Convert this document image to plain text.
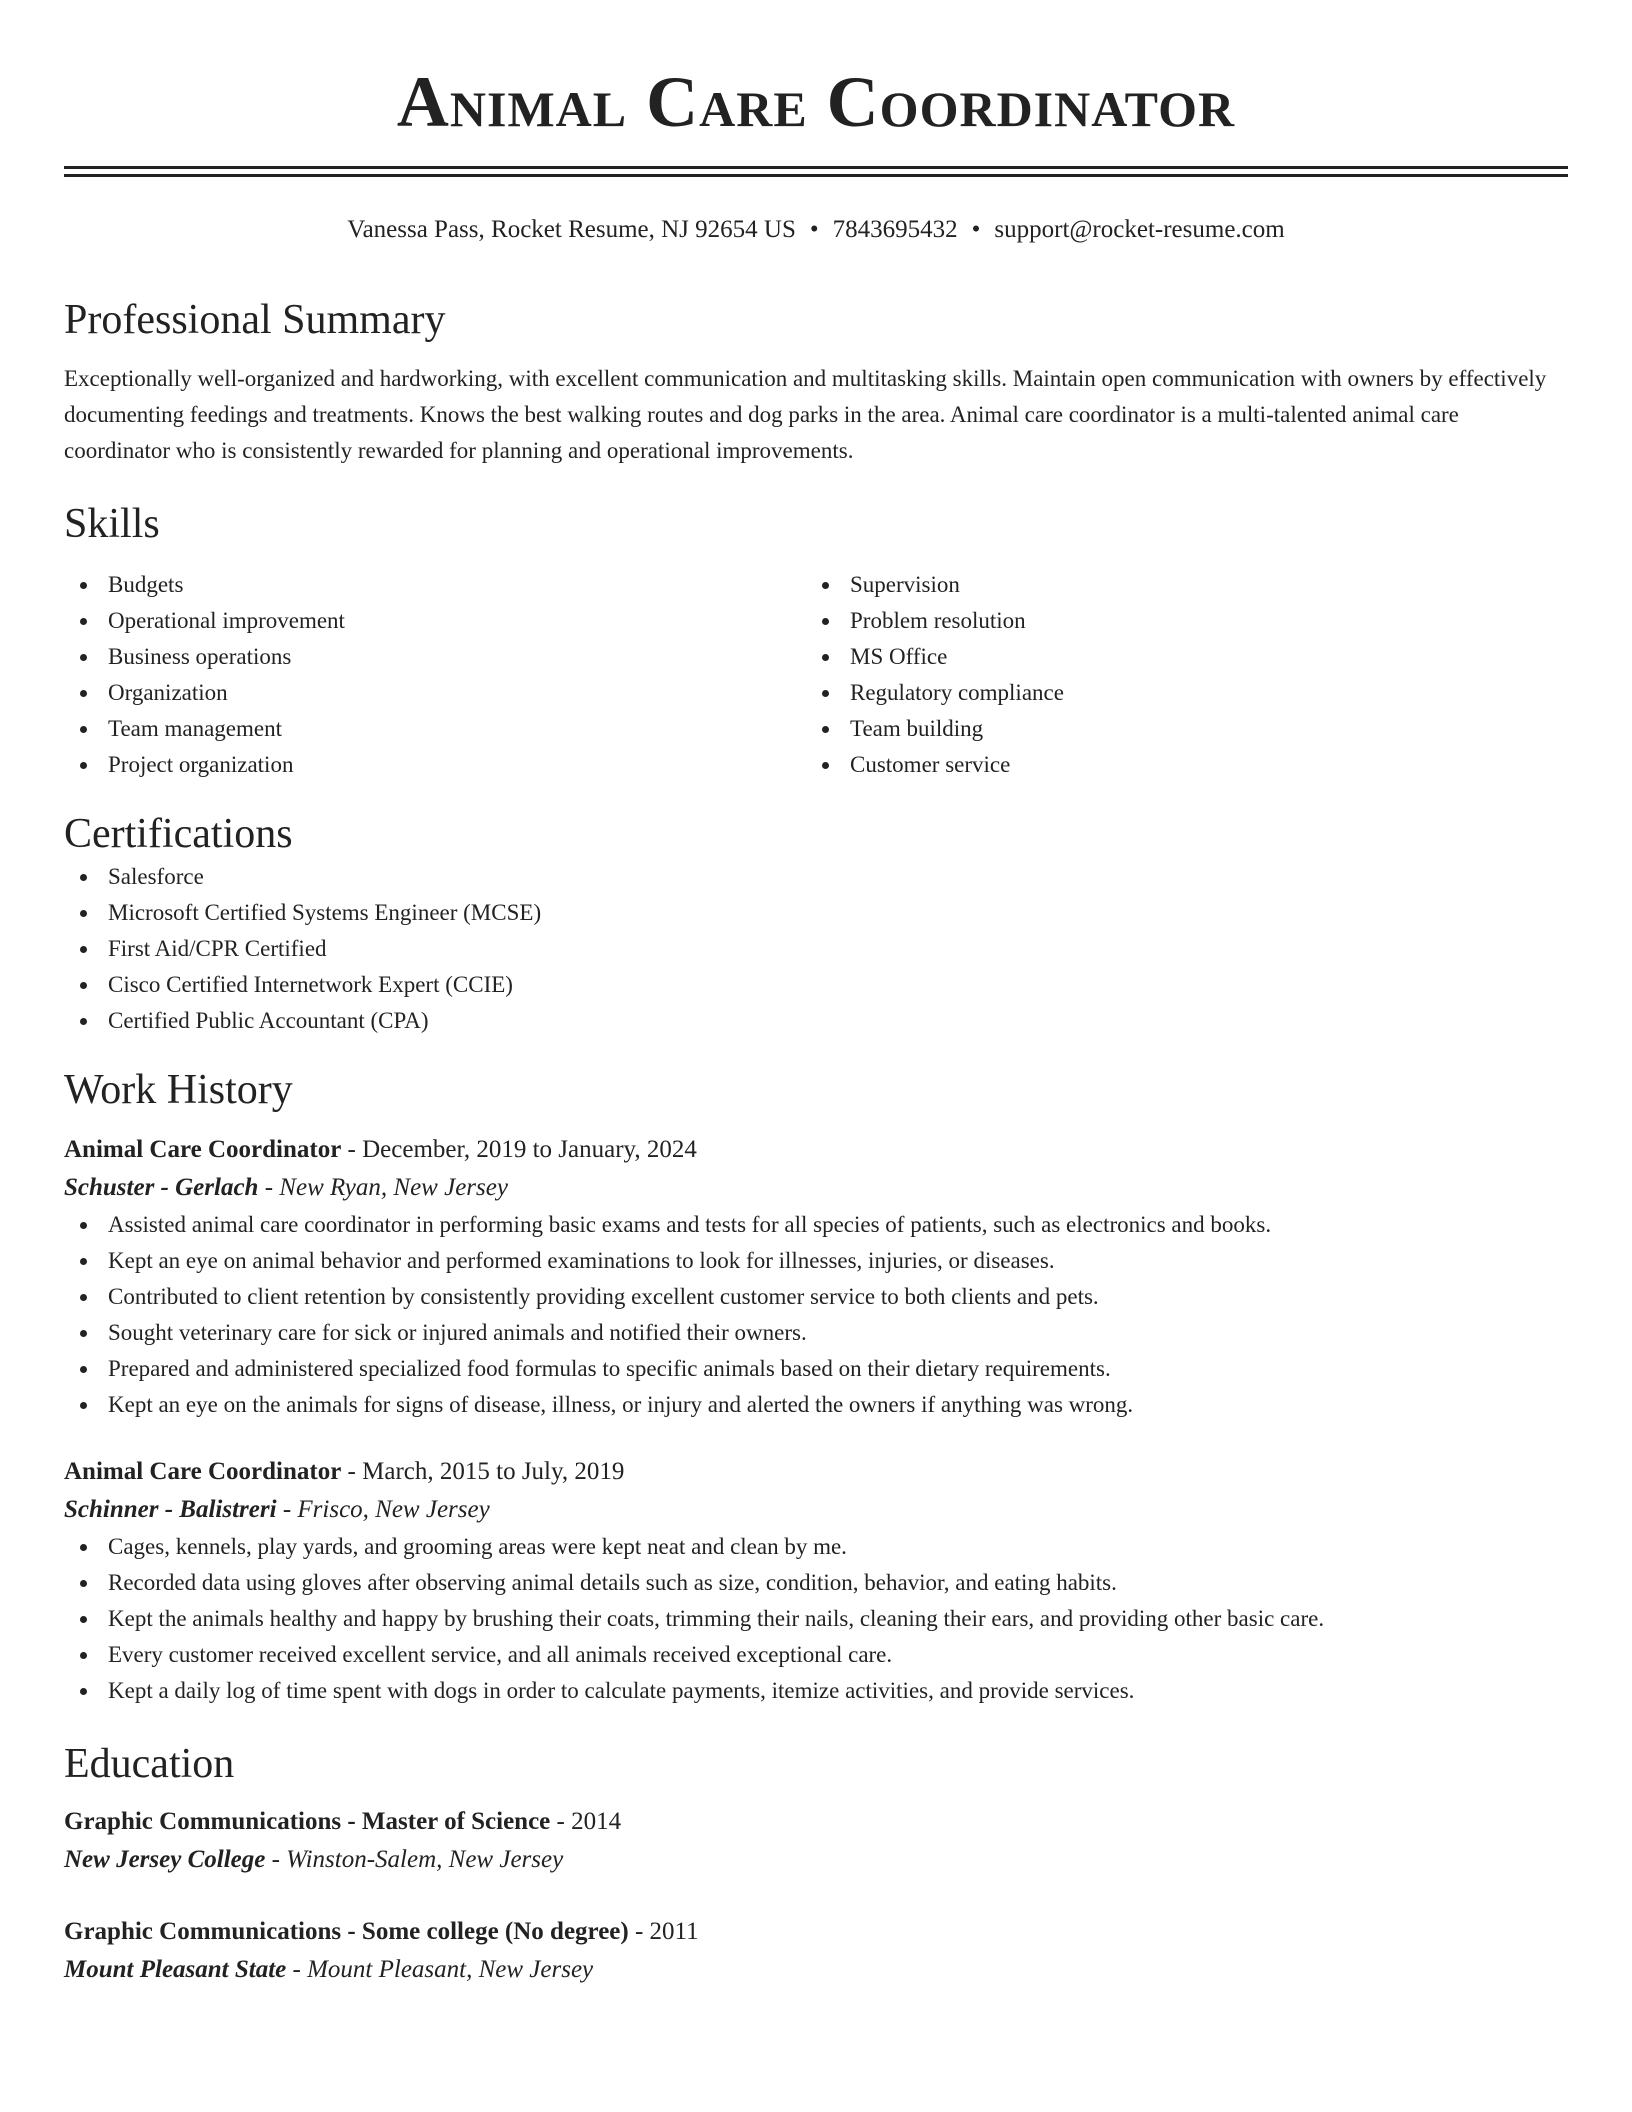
Animal Care Coordinator
Vanessa Pass, Rocket Resume, NJ 92654 US • 7843695432 • support@rocket-resume.com
Professional Summary
Exceptionally well-organized and hardworking, with excellent communication and multitasking skills. Maintain open communication with owners by effectively documenting feedings and treatments. Knows the best walking routes and dog parks in the area. Animal care coordinator is a multi-talented animal care coordinator who is consistently rewarded for planning and operational improvements.
Skills
Budgets
Operational improvement
Business operations
Organization
Team management
Project organization
Supervision
Problem resolution
MS Office
Regulatory compliance
Team building
Customer service
Certifications
Salesforce
Microsoft Certified Systems Engineer (MCSE)
First Aid/CPR Certified
Cisco Certified Internetwork Expert (CCIE)
Certified Public Accountant (CPA)
Work History
Animal Care Coordinator - December, 2019 to January, 2024
Schuster - Gerlach - New Ryan, New Jersey
Assisted animal care coordinator in performing basic exams and tests for all species of patients, such as electronics and books.
Kept an eye on animal behavior and performed examinations to look for illnesses, injuries, or diseases.
Contributed to client retention by consistently providing excellent customer service to both clients and pets.
Sought veterinary care for sick or injured animals and notified their owners.
Prepared and administered specialized food formulas to specific animals based on their dietary requirements.
Kept an eye on the animals for signs of disease, illness, or injury and alerted the owners if anything was wrong.
Animal Care Coordinator - March, 2015 to July, 2019
Schinner - Balistreri - Frisco, New Jersey
Cages, kennels, play yards, and grooming areas were kept neat and clean by me.
Recorded data using gloves after observing animal details such as size, condition, behavior, and eating habits.
Kept the animals healthy and happy by brushing their coats, trimming their nails, cleaning their ears, and providing other basic care.
Every customer received excellent service, and all animals received exceptional care.
Kept a daily log of time spent with dogs in order to calculate payments, itemize activities, and provide services.
Education
Graphic Communications - Master of Science - 2014
New Jersey College - Winston-Salem, New Jersey
Graphic Communications - Some college (No degree) - 2011
Mount Pleasant State - Mount Pleasant, New Jersey
